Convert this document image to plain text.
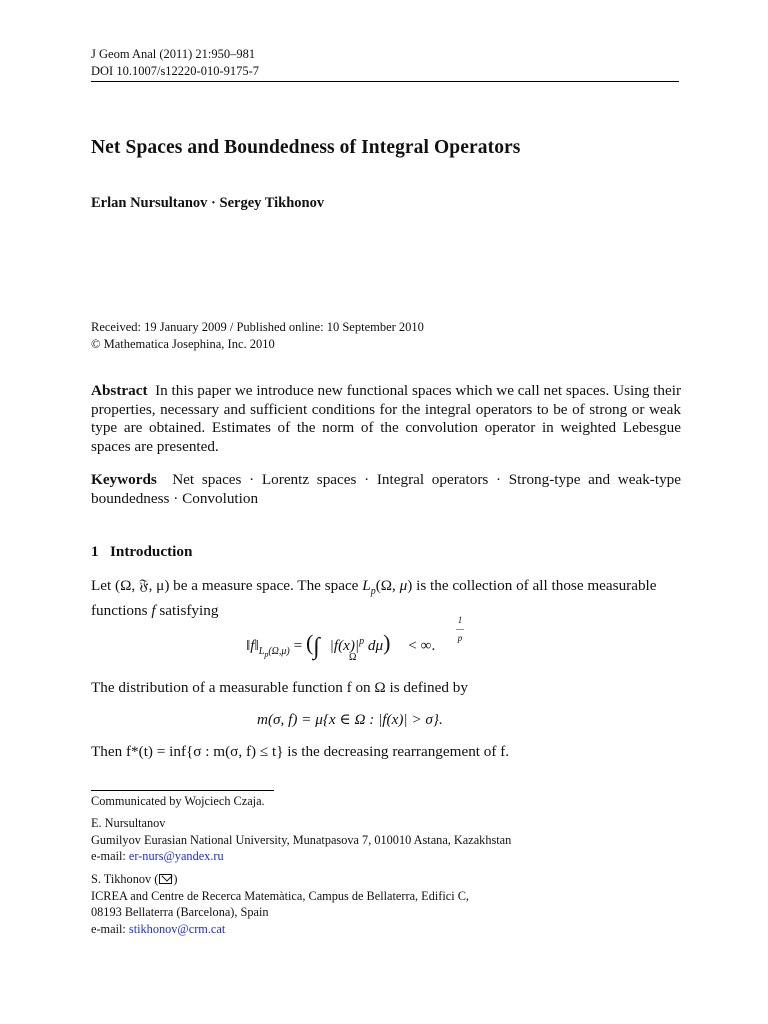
J Geom Anal (2011) 21:950–981
DOI 10.1007/s12220-010-9175-7
Net Spaces and Boundedness of Integral Operators
Erlan Nursultanov · Sergey Tikhonov
Received: 19 January 2009 / Published online: 10 September 2010
© Mathematica Josephina, Inc. 2010
Abstract In this paper we introduce new functional spaces which we call net spaces. Using their properties, necessary and sufficient conditions for the integral operators to be of strong or weak type are obtained. Estimates of the norm of the convolution operator in weighted Lebesgue spaces are presented.
Keywords Net spaces · Lorentz spaces · Integral operators · Strong-type and weak-type boundedness · Convolution
1 Introduction
Let (Ω, 𝔉, μ) be a measure space. The space $L_p(\Omega$, μ) is the collection of all those measurable functions f satisfying
$‖f‖_{L_p(\Omega,\mu)}$ = (∫ $|f(x)|^p$ dμ)
1
—
p
< ∞.
Ω
The distribution of a measurable function f on Ω is defined by
m(σ, f) = μ{x ∈ Ω : |f(x)| > σ}.
Then f*(t) = inf{σ : m(σ, f) ≤ t} is the decreasing rearrangement of f.
Communicated by Wojciech Czaja.
E. Nursultanov
Gumilyov Eurasian National University, Munatpasova 7, 010010 Astana, Kazakhstan
e-mail: er-nurs@yandex.ru
S. Tikhonov ( )
ICREA and Centre de Recerca Matemàtica, Campus de Bellaterra, Edifici C,
08193 Bellaterra (Barcelona), Spain
e-mail: stikhonov@crm.cat
